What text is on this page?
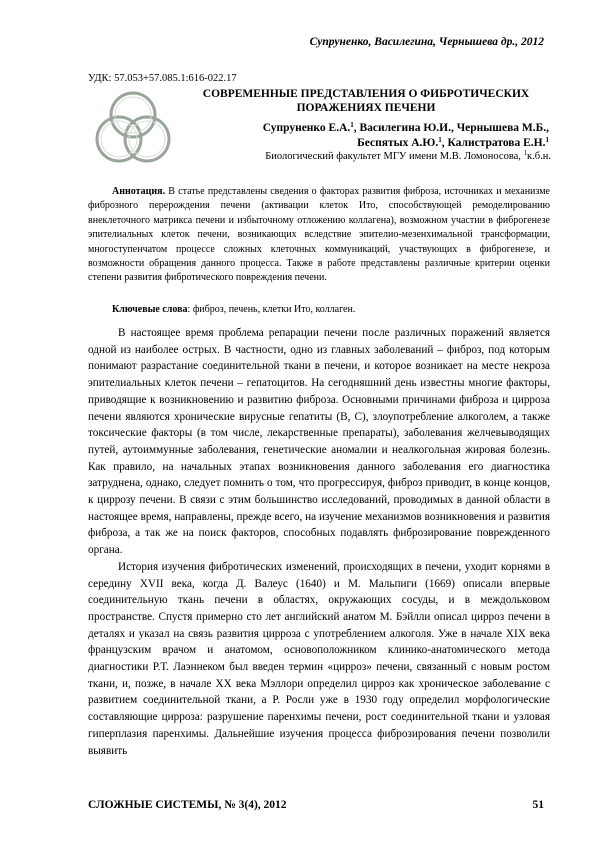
Супруненко, Василегина, Чернышева др., 2012
УДК: 57.053+57.085.1:616-022.17
СОВРЕМЕННЫЕ ПРЕДСТАВЛЕНИЯ О ФИБРОТИЧЕСКИХ ПОРАЖЕНИЯХ ПЕЧЕНИ
Супруненко Е.А.$^1$, Василегина Ю.И., Чернышева М.Б.,
Беспятых А.Ю.$^1$, Калистратова Е.Н.$^1$
Биологический факультет МГУ имени М.В. Ломоносова, $^1$к.б.н.

Аннотация. В статье представлены сведения о факторах развития фиброза, источниках и механизме фиброзного перерождения печени (активации клеток Ито, способствующей ремоделированию внеклеточного матрикса печени и избыточному отложению коллагена), возможном участии в фиброгенезе эпителиальных клеток печени, возникающих вследствие эпителио-мезенхимальной трансформации, многоступенчатом процессе сложных клеточных коммуникаций, участвующих в фиброгенезе, и возможности обращения данного процесса. Также в работе представлены различные критерии оценки степени развития фибротического повреждения печени.

Ключевые слова: фиброз, печень, клетки Ито, коллаген.

В настоящее время проблема репарации печени после различных поражений является одной из наиболее острых. В частности, одно из главных заболеваний – фиброз, под которым понимают разрастание соединительной ткани в печени, и которое возникает на месте некроза эпителиальных клеток печени – гепатоцитов. На сегодняшний день известны многие факторы, приводящие к возникновению и развитию фиброза. Основными причинами фиброза и цирроза печени являются хронические вирусные гепатиты (В, С), злоупотребление алкоголем, а также токсические факторы (в том числе, лекарственные препараты), заболевания желчевыводящих путей, аутоиммунные заболевания, генетические аномалии и неалкогольная жировая болезнь. Как правило, на начальных этапах возникновения данного заболевания его диагностика затруднена, однако, следует помнить о том, что прогрессируя, фиброз приводит, в конце концов, к циррозу печени. В связи с этим большинство исследований, проводимых в данной области в настоящее время, направлены, прежде всего, на изучение механизмов возникновения и развития фиброза, а так же на поиск факторов, способных подавлять фиброзирование поврежденного органа.

История изучения фибротических изменений, происходящих в печени, уходит корнями в середину XVII века, когда Д. Валеус (1640) и М. Мальпиги (1669) описали впервые соединительную ткань печени в областях, окружающих сосуды, и в междольковом пространстве. Спустя примерно сто лет английский анатом М. Бэйлли описал цирроз печени в деталях и указал на связь развития цирроза с употреблением алкоголя. Уже в начале XIX века французским врачом и анатомом, основоположником клинико-анатомического метода диагностики Р.Т. Лаэннеком был введен термин «цирроз» печени, связанный с новым ростом ткани, и, позже, в начале XX века Мэллори определил цирроз как хроническое заболевание с развитием соединительной ткани, а Р. Росли уже в 1930 году определил морфологические составляющие цирроза: разрушение паренхимы печени, рост соединительной ткани и узловая гиперплазия паренхимы. Дальнейшие изучения процесса фиброзирования печени позволили выявить

СЛОЖНЫЕ СИСТЕМЫ, № 3(4), 2012	51
